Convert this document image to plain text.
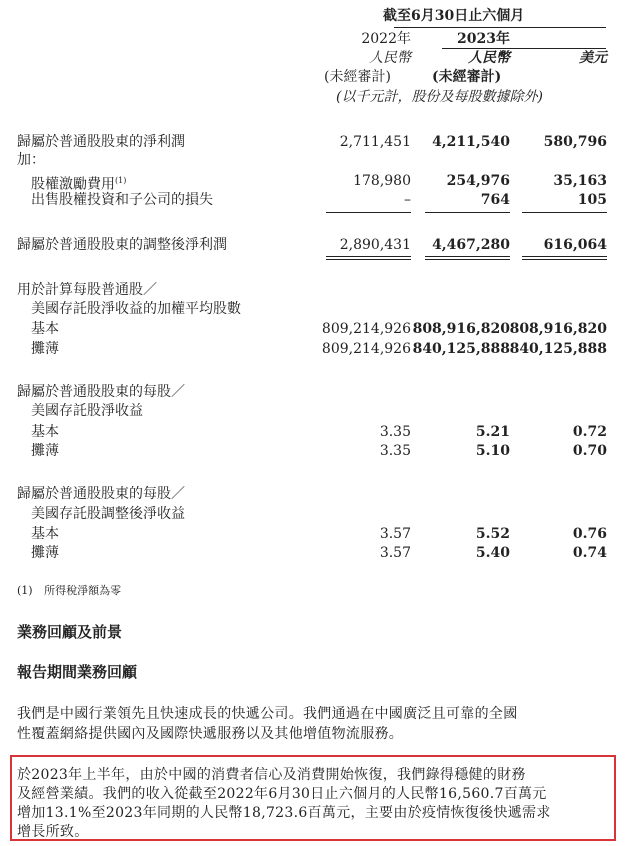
截至6月30日止六個月
2022年	2023年
人民幣	人民幣	美元
(未經審計)	(未經審計)
(以千元計，股份及每股數據除外)
歸屬於普通股股東的淨利潤	2,711,451	4,211,540	580,796
加：
股權激勵費用$^{(1)}$	178,980	254,976	35,163
出售股權投資和子公司的損失	–	764	105
歸屬於普通股股東的調整後淨利潤	2,890,431	4,467,280	616,064
用於計算每股普通股／
美國存託股淨收益的加權平均股數
基本	809,214,926 808,916,820 808,916,820
攤薄	809,214,926 840,125,888 840,125,888
歸屬於普通股股東的每股／
美國存託股淨收益
基本	3.35	5.21	0.72
攤薄	3.35	5.10	0.70
歸屬於普通股股東的每股／
美國存託股調整後淨收益
基本	3.57	5.52	0.76
攤薄	3.57	5.40	0.74
(1) 所得稅淨額為零
業務回顧及前景
報告期間業務回顧
我們是中國行業領先且快速成長的快遞公司。我們通過在中國廣泛且可靠的全國
性覆蓋網絡提供國內及國際快遞服務以及其他增值物流服務。
於2023年上半年，由於中國的消費者信心及消費開始恢復，我們錄得穩健的財務
及經營業績。我們的收入從截至2022年6月30日止六個月的人民幣16,560.7百萬元
增加13.1%至2023年同期的人民幣18,723.6百萬元，主要由於疫情恢復後快遞需求
增長所致。
